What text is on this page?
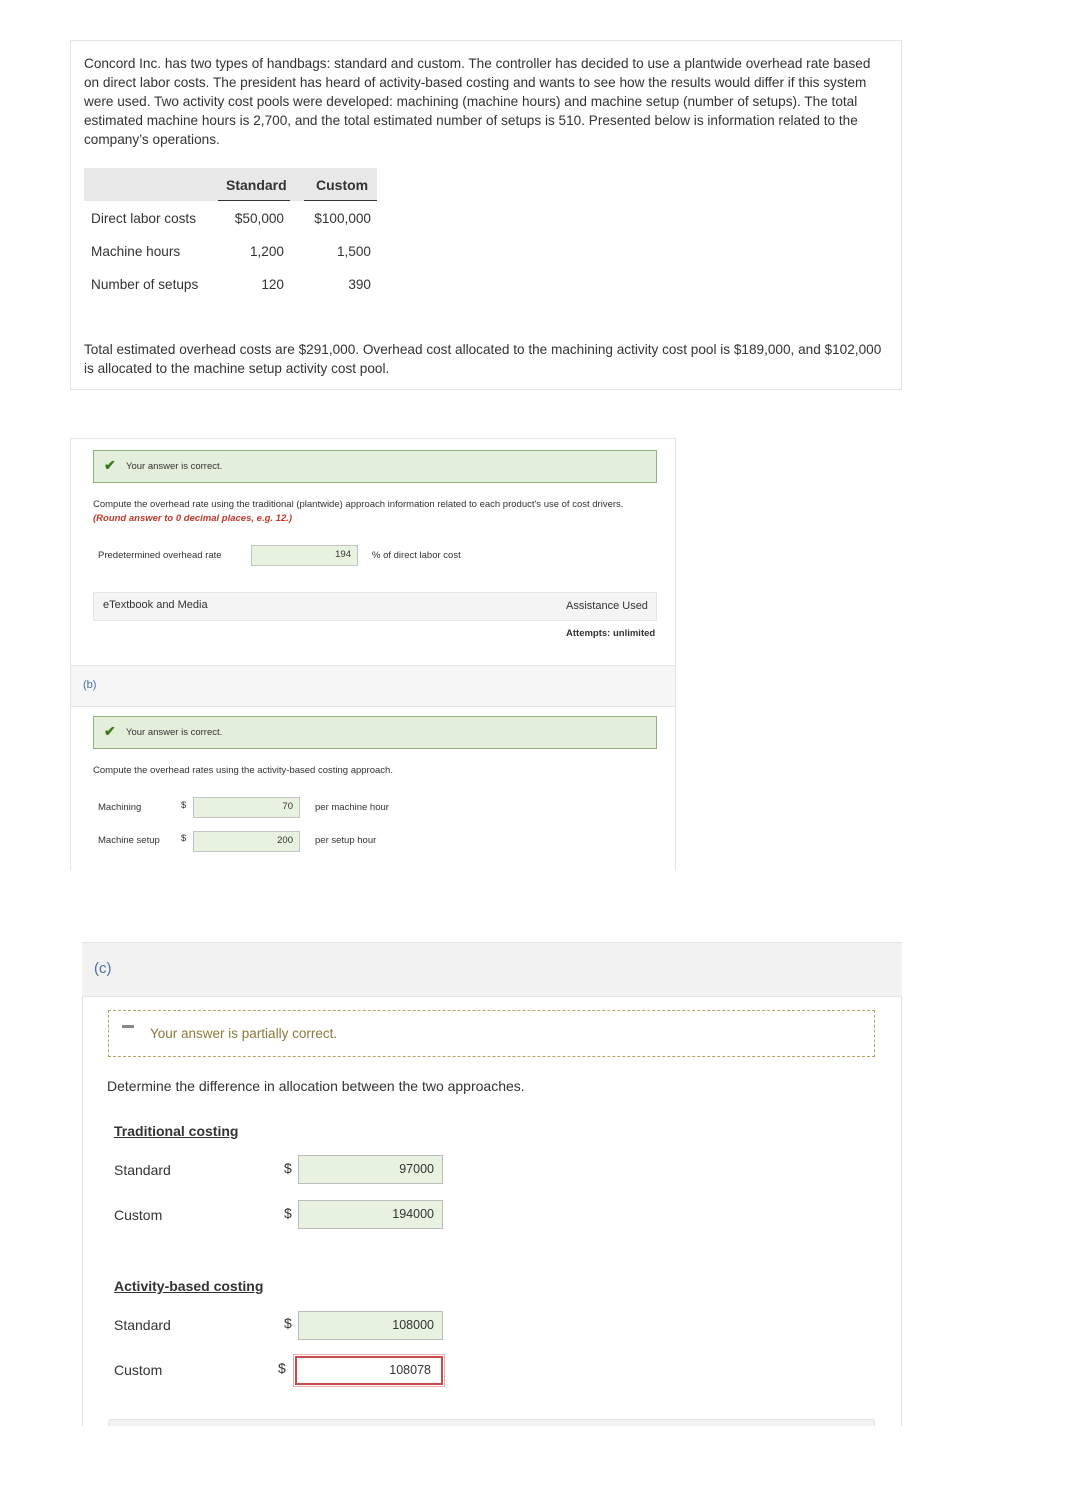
Concord Inc. has two types of handbags: standard and custom. The controller has decided to use a plantwide overhead rate based on direct labor costs. The president has heard of activity-based costing and wants to see how the results would differ if this system were used. Two activity cost pools were developed: machining (machine hours) and machine setup (number of setups). The total estimated machine hours is 2,700, and the total estimated number of setups is 510. Presented below is information related to the company’s operations.
Standard Custom
Direct labor costs	$50,000	$100,000
Machine hours	1,200	1,500
Number of setups	120	390
Total estimated overhead costs are $291,000. Overhead cost allocated to the machining activity cost pool is $189,000, and $102,000 is allocated to the machine setup activity cost pool.
✔ Your answer is correct.
Compute the overhead rate using the traditional (plantwide) approach information related to each product's use of cost drivers.
(Round answer to 0 decimal places, e.g. 12.)
Predetermined overhead rate	194	% of direct labor cost
eTextbook and Media	Assistance Used
Attempts: unlimited
(b)
✔ Your answer is correct.
Compute the overhead rates using the activity-based costing approach.
Machining	$	70	per machine hour
Machine setup $	200	per setup hour
(c)
Your answer is partially correct.
Determine the difference in allocation between the two approaches.
Traditional costing
Standard	$	97000
Custom	$	194000
Activity-based costing
Standard	$	108000
Custom	$	108078
